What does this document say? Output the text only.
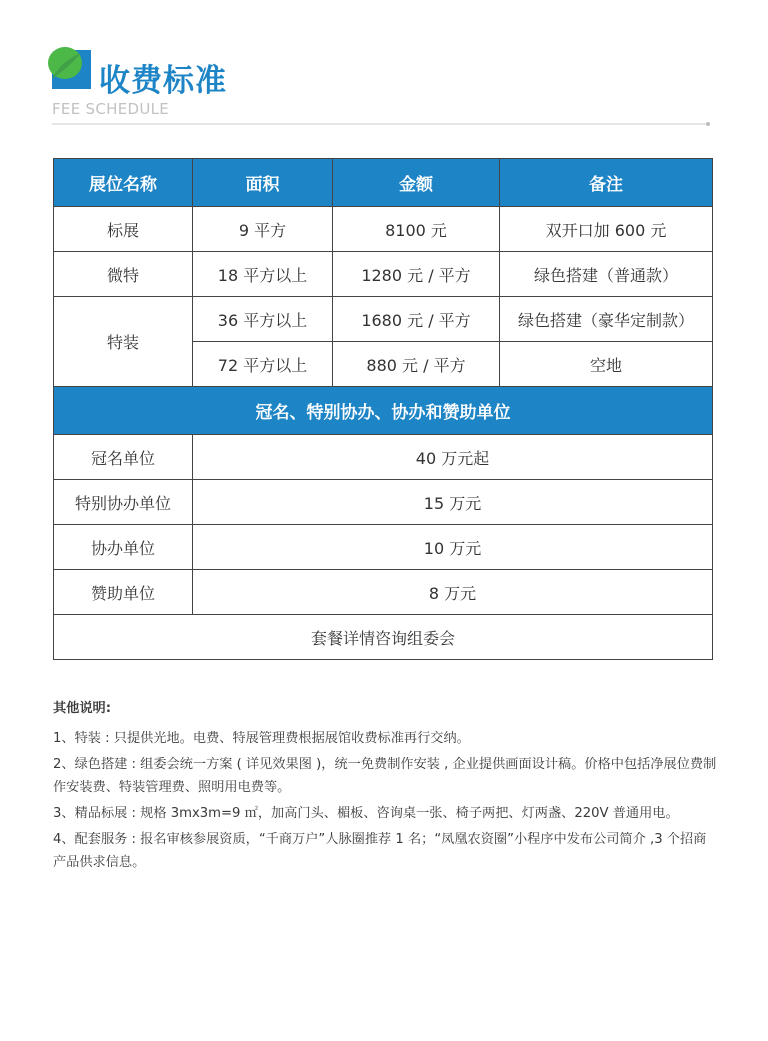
收费标准
FEE SCHEDULE
展位名称	面积	金额	备注
标展	9 平方	8100 元	双开口加 600 元
微特	18 平方以上	1280 元 / 平方	绿色搭建（普通款）
特装	36 平方以上	1680 元 / 平方	绿色搭建（豪华定制款）
	72 平方以上	880 元 / 平方	空地
冠名、特别协办、协办和赞助单位			
冠名单位	40 万元起		
特别协办单位	15 万元		
协办单位	10 万元		
赞助单位	8 万元		
套餐详情咨询组委会			
其他说明:
1、特装 : 只提供光地。电费、特展管理费根据展馆收费标准再行交纳。
2、绿色搭建 : 组委会统一方案 ( 详见效果图 )，统一免费制作安装 , 企业提供画面设计稿。价格中包括净展位费制作安装费、特装管理费、照明用电费等。
3、精品标展 : 规格 3mx3m=9 ㎡，加高门头、楣板、咨询桌一张、椅子两把、灯两盏、220V 普通用电。
4、配套服务 : 报名审核参展资质，“千商万户”人脉圈推荐 1 名；“凤凰农资圈”小程序中发布公司简介 ,3 个招商产品供求信息。
